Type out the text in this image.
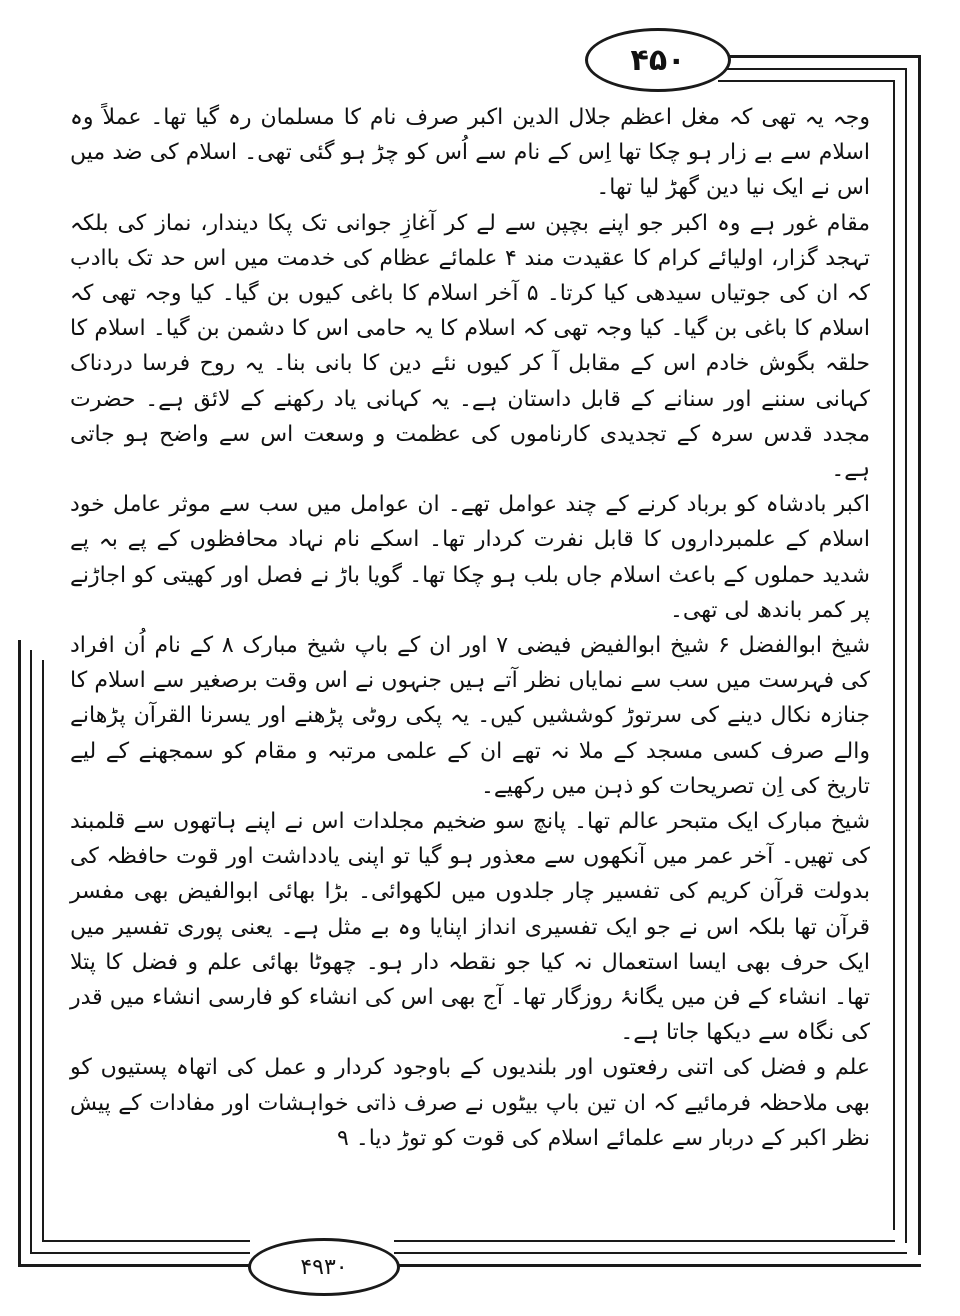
۴۵۰
۴۹۳۰

وجہ یہ تھی کہ مغل اعظم جلال الدین اکبر صرف نام کا مسلمان رہ گیا تھا۔ عملاً وہ اسلام سے بے زار ہو چکا تھا اِس کے نام سے اُس کو چڑ ہو گئی تھی۔ اسلام کی ضد میں اس نے ایک نیا دین گھڑ لیا تھا۔

مقام غور ہے وہ اکبر جو اپنے بچپن سے لے کر آغازِ جوانی تک پکا دیندار، نماز کی بلکہ تہجد گزار، اولیائے کرام کا عقیدت مند ۴ علمائے عظام کی خدمت میں اس حد تک باادب کہ ان کی جوتیاں سیدھی کیا کرتا۔ ۵ آخر اسلام کا باغی کیوں بن گیا۔ کیا وجہ تھی کہ اسلام کا باغی بن گیا۔ کیا وجہ تھی کہ اسلام کا یہ حامی اس کا دشمن بن گیا۔ اسلام کا حلقہ بگوش خادم اس کے مقابل آ کر کیوں نئے دین کا بانی بنا۔ یہ روح فرسا دردناک کہانی سننے اور سنانے کے قابل داستان ہے۔ یہ کہانی یاد رکھنے کے لائق ہے۔ حضرت مجدد قدس سرہ کے تجدیدی کارناموں کی عظمت و وسعت اس سے واضح ہو جاتی ہے۔

اکبر بادشاہ کو برباد کرنے کے چند عوامل تھے۔ ان عوامل میں سب سے موثر عامل خود اسلام کے علمبرداروں کا قابل نفرت کردار تھا۔ اسکے نام نہاد محافظوں کے پے بہ پے شدید حملوں کے باعث اسلام جاں بلب ہو چکا تھا۔ گویا باڑ نے فصل اور کھیتی کو اجاڑنے پر کمر باندھ لی تھی۔

شیخ ابوالفضل ۶ شیخ ابوالفیض فیضی ۷ اور ان کے باپ شیخ مبارک ۸ کے نام اُن افراد کی فہرست میں سب سے نمایاں نظر آتے ہیں جنہوں نے اس وقت برصغیر سے اسلام کا جنازہ نکال دینے کی سرتوڑ کوششیں کیں۔ یہ پکی روٹی پڑھنے اور یسرنا القرآن پڑھانے والے صرف کسی مسجد کے ملا نہ تھے ان کے علمی مرتبہ و مقام کو سمجھنے کے لیے تاریخ کی اِن تصریحات کو ذہن میں رکھیے۔

شیخ مبارک ایک متبحر عالم تھا۔ پانچ سو ضخیم مجلدات اس نے اپنے ہاتھوں سے قلمبند کی تھیں۔ آخر عمر میں آنکھوں سے معذور ہو گیا تو اپنی یادداشت اور قوت حافظہ کی بدولت قرآن کریم کی تفسیر چار جلدوں میں لکھوائی۔ بڑا بھائی ابوالفیض بھی مفسر قرآن تھا بلکہ اس نے جو ایک تفسیری انداز اپنایا وہ بے مثل ہے۔ یعنی پوری تفسیر میں ایک حرف بھی ایسا استعمال نہ کیا جو نقطہ دار ہو۔ چھوٹا بھائی علم و فضل کا پتلا تھا۔ انشاء کے فن میں یگانۂ روزگار تھا۔ آج بھی اس کی انشاء کو فارسی انشاء میں قدر کی نگاہ سے دیکھا جاتا ہے۔

علم و فضل کی اتنی رفعتوں اور بلندیوں کے باوجود کردار و عمل کی اتھاہ پستیوں کو بھی ملاحظہ فرمائیے کہ ان تین باپ بیٹوں نے صرف ذاتی خواہشات اور مفادات کے پیش نظر اکبر کے دربار سے علمائے اسلام کی قوت کو توڑ دیا۔ ۹
